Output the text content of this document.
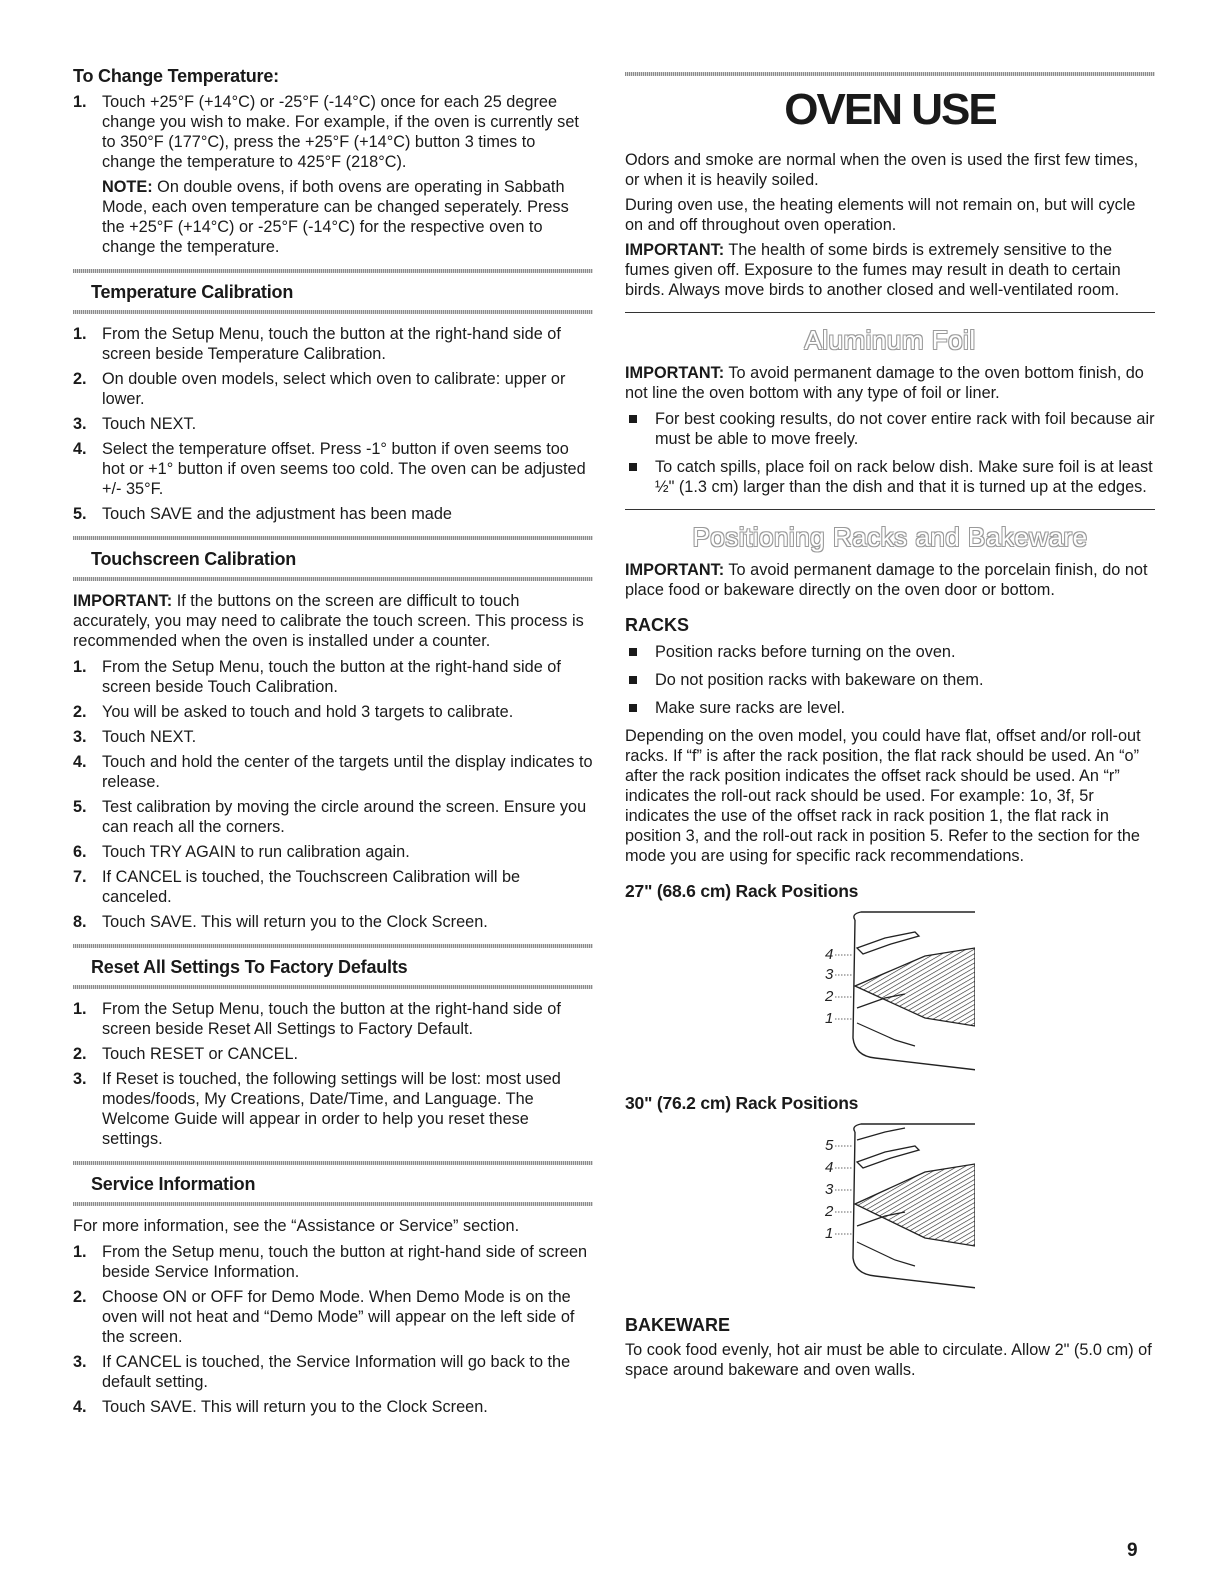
To Change Temperature:
1. Touch +25°F (+14°C) or -25°F (-14°C) once for each 25 degree change you wish to make. For example, if the oven is currently set to 350°F (177°C), press the +25°F (+14°C) button 3 times to change the temperature to 425°F (218°C).

NOTE: On double ovens, if both ovens are operating in Sabbath Mode, each oven temperature can be changed seperately. Press the +25°F (+14°C) or -25°F (-14°C) for the respective oven to change the temperature.

Temperature Calibration
1. From the Setup Menu, touch the button at the right-hand side of screen beside Temperature Calibration.
2. On double oven models, select which oven to calibrate: upper or lower.
3. Touch NEXT.
4. Select the temperature offset. Press -1° button if oven seems too hot or +1° button if oven seems too cold. The oven can be adjusted +/- 35°F.
5. Touch SAVE and the adjustment has been made
Touchscreen Calibration

IMPORTANT: If the buttons on the screen are difficult to touch accurately, you may need to calibrate the touch screen. This process is recommended when the oven is installed under a counter.

1. From the Setup Menu, touch the button at the right-hand side of screen beside Touch Calibration.
2. You will be asked to touch and hold 3 targets to calibrate.
3. Touch NEXT.
4. Touch and hold the center of the targets until the display indicates to release.
5. Test calibration by moving the circle around the screen. Ensure you can reach all the corners.
6. Touch TRY AGAIN to run calibration again.
7. If CANCEL is touched, the Touchscreen Calibration will be canceled.
8. Touch SAVE. This will return you to the Clock Screen.
Reset All Settings To Factory Defaults
1. From the Setup Menu, touch the button at the right-hand side of screen beside Reset All Settings to Factory Default.
2. Touch RESET or CANCEL.
3. If Reset is touched, the following settings will be lost: most used modes/foods, My Creations, Date/Time, and Language. The Welcome Guide will appear in order to help you reset these settings.
Service Information

For more information, see the “Assistance or Service” section.

1. From the Setup menu, touch the button at right-hand side of screen beside Service Information.
2. Choose ON or OFF for Demo Mode. When Demo Mode is on the oven will not heat and “Demo Mode” will appear on the left side of the screen.
3. If CANCEL is touched, the Service Information will go back to the default setting.
4. Touch SAVE. This will return you to the Clock Screen.
OVEN USE

Odors and smoke are normal when the oven is used the first few times, or when it is heavily soiled.

During oven use, the heating elements will not remain on, but will cycle on and off throughout oven operation.

IMPORTANT: The health of some birds is extremely sensitive to the fumes given off. Exposure to the fumes may result in death to certain birds. Always move birds to another closed and well-ventilated room.

Aluminum Foil

IMPORTANT: To avoid permanent damage to the oven bottom finish, do not line the oven bottom with any type of foil or liner.

For best cooking results, do not cover entire rack with foil because air must be able to move freely.
To catch spills, place foil on rack below dish. Make sure foil is at least ½" (1.3 cm) larger than the dish and that it is turned up at the edges.
Positioning Racks and Bakeware

IMPORTANT: To avoid permanent damage to the porcelain finish, do not place food or bakeware directly on the oven door or bottom.

RACKS
Position racks before turning on the oven.
Do not position racks with bakeware on them.
Make sure racks are level.

Depending on the oven model, you could have flat, offset and/or roll-out racks. If “f” is after the rack position, the flat rack should be used. An “o” after the rack position indicates the offset rack should be used. An “r” indicates the roll-out rack should be used. For example: 1o, 3f, 5r indicates the use of the offset rack in rack position 1, the flat rack in position 3, and the roll-out rack in position 5. Refer to the section for the mode you are using for specific rack recommendations.

27" (68.6 cm) Rack Positions
4
3
2
1
30" (76.2 cm) Rack Positions
5
4
3
2
1
BAKEWARE

To cook food evenly, hot air must be able to circulate. Allow 2" (5.0 cm) of space around bakeware and oven walls.

9
